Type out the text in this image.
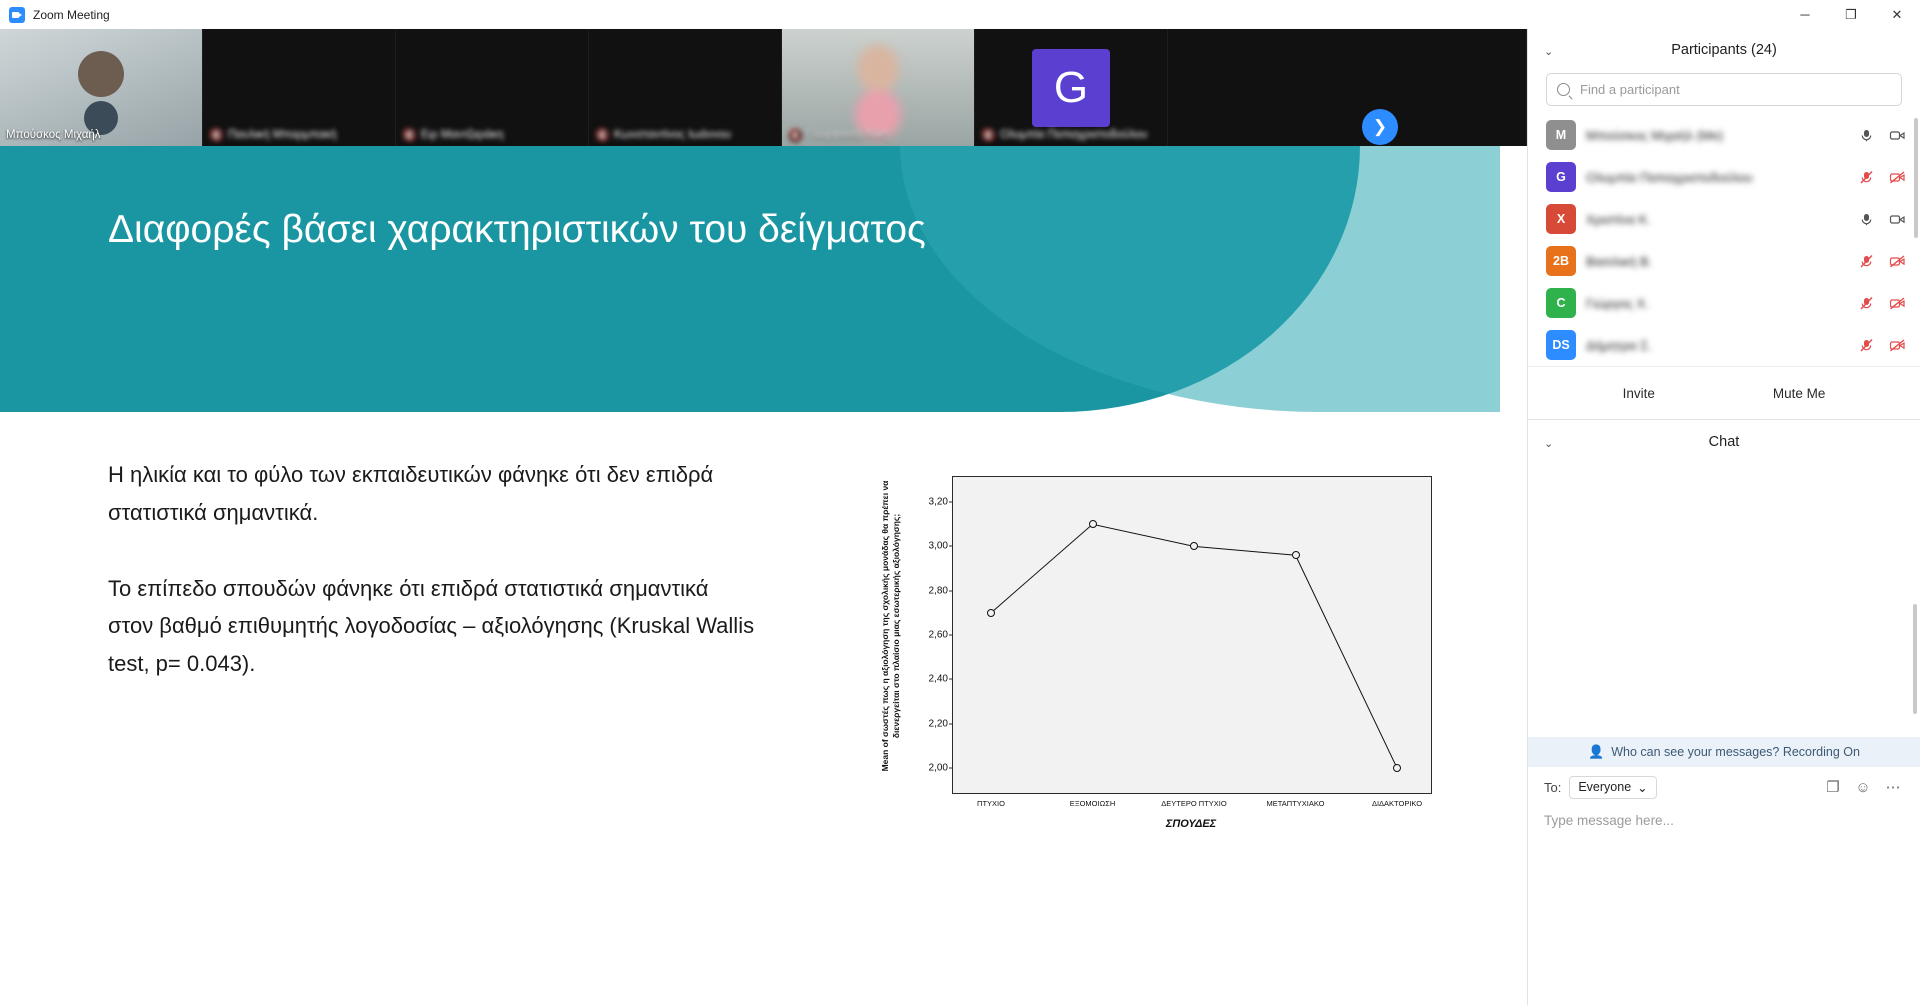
Zoom Meeting	─	❐	✕
Μπούσκος Μιχαήλ	🔇 Παυλική Μπαρμπακή	🔇 Ειρ Μαντζαράκη	🔇 Κωνσταντίνος Ιωάννου	🔇 Γεωργάντα Νίκη
G
🔇 Ολυμπία Παπαχριστοδούλου	❯
Διαφορές βάσει χαρακτηριστικών του δείγματος

Η ηλικία και το φύλο των εκπαιδευτικών φάνηκε ότι δεν επιδρά στατιστικά σημαντικά.

Το επίπεδο σπουδών φάνηκε ότι επιδρά στατιστικά σημαντικά στον βαθμό επιθυμητής λογοδοσίας – αξιολόγησης (Kruskal Wallis test, p= 0.043).	Mean of σωστές πως η αξιολόγηση της σχολικής μονάδας θα πρέπει να διενεργείται στο πλαίσιο μιας εσωτερικής αξιολόγησης;
3,20
3,00
2,80
2,60
2,40
2,20
2,00
ΠΤΥΧΙΟ	ΕΞΟΜΟΙΩΣΗ	ΔΕΥΤΕΡΟ ΠΤΥΧΙΟ	ΜΕΤΑΠΤΥΧΙΑΚΟ	ΔΙΔΑΚΤΟΡΙΚΟ
ΣΠΟΥΔΕΣ
⌃	Participants (24)
Find a participant
M Μπούσκος Μιχαήλ (Me)
G Ολυμπία Παπαχριστοδούλου
X Χριστίνα Κ.
2B Βασιλική Β.
C Γιώργος Χ.
DS Δήμητρα Σ.
Invite	Mute Me
⌃	Chat
👤 Who can see your messages? Recording On
To: Everyone ⌄	❐ ☺ ⋯
Type message here...
